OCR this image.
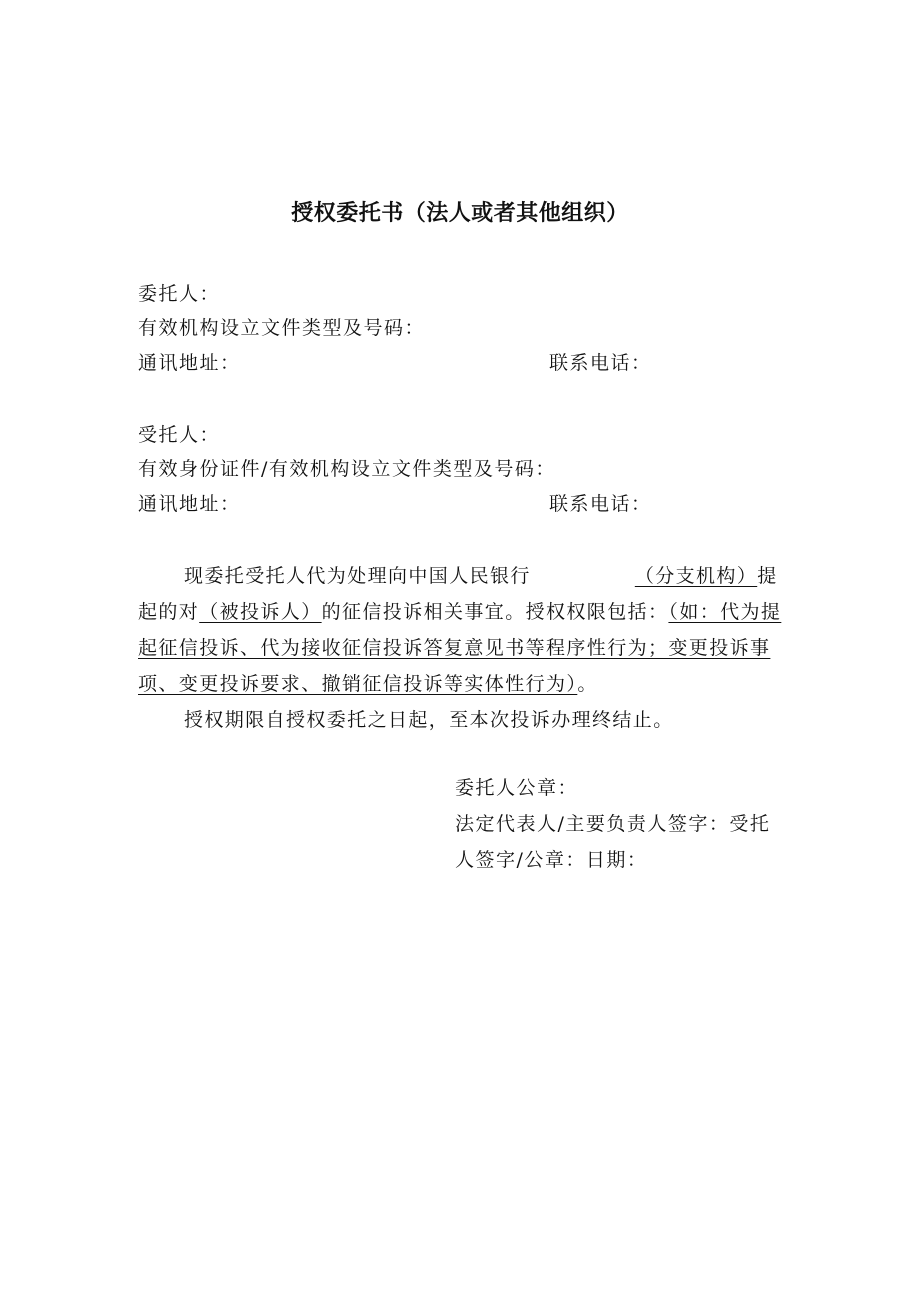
授权委托书（法人或者其他组织）
委托人：
有效机构设立文件类型及号码：
通讯地址：	联系电话：
受托人：
有效身份证件/有效机构设立文件类型及号码：
通讯地址：	联系电话：
现委托受托人代为处理向中国人民银行	（分支机构）提起的对（被投诉人）的征信投诉相关事宜。授权权限包括：（如：代为提起征信投诉、代为接收征信投诉答复意见书等程序性行为；变更投诉事项、变更投诉要求、撤销征信投诉等实体性行为）。
授权期限自授权委托之日起，至本次投诉办理终结止。
委托人公章：
法定代表人/主要负责人签字：受托
人签字/公章：日期：
